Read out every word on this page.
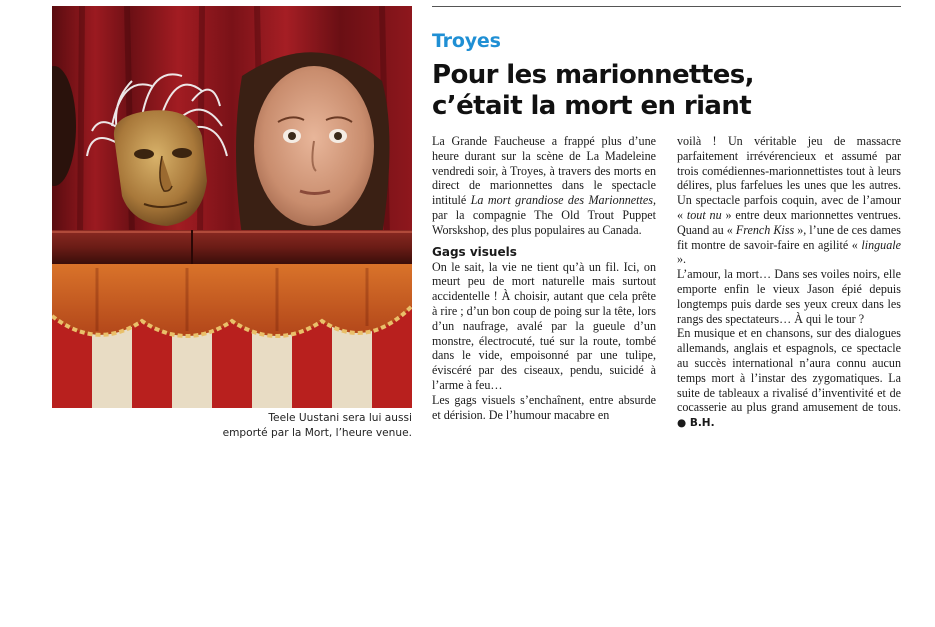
Teele Uustani sera lui aussi
emporté par la Mort, l’heure venue.
Troyes
Pour les marionnettes,
c’était la mort en riant

La Grande Faucheuse a frappé plus d’une heure durant sur la scène de La Madeleine vendredi soir, à Troyes, à travers des morts en direct de marionnettes dans le spectacle intitulé La mort grandiose des Marionnettes, par la compagnie The Old Trout Puppet Worskshop, des plus populaires au Canada.

Gags visuels

On le sait, la vie ne tient qu’à un fil. Ici, on meurt peu de mort naturelle mais surtout accidentelle ! À choisir, autant que cela prête à rire ; d’un bon coup de poing sur la tête, lors d’un naufrage, avalé par la gueule d’un monstre, électrocuté, tué sur la route, tombé dans le vide, empoisonné par une tulipe, éviscéré par des ciseaux, pendu, suicidé à l’arme à feu…

Les gags visuels s’enchaînent, entre absurde et dérision. De l’humour macabre en

voilà ! Un véritable jeu de massacre parfaitement irrévérencieux et assumé par trois comédiennes-marionnettistes tout à leurs délires, plus farfelues les unes que les autres. Un spectacle parfois coquin, avec de l’amour « tout nu » entre deux marionnettes ventrues. Quand au « French Kiss », l’une de ces dames fit montre de savoir-faire en agilité « linguale ».

L’amour, la mort… Dans ses voiles noirs, elle emporte enfin le vieux Jason épié depuis longtemps puis darde ses yeux creux dans les rangs des spectateurs… À qui le tour ?

En musique et en chansons, sur des dialogues allemands, anglais et espagnols, ce spectacle au succès international n’aura connu aucun temps mort à l’instar des zygomatiques. La suite de tableaux a rivalisé d’inventivité et de cocasserie au plus grand amusement de tous. ● B.H.
